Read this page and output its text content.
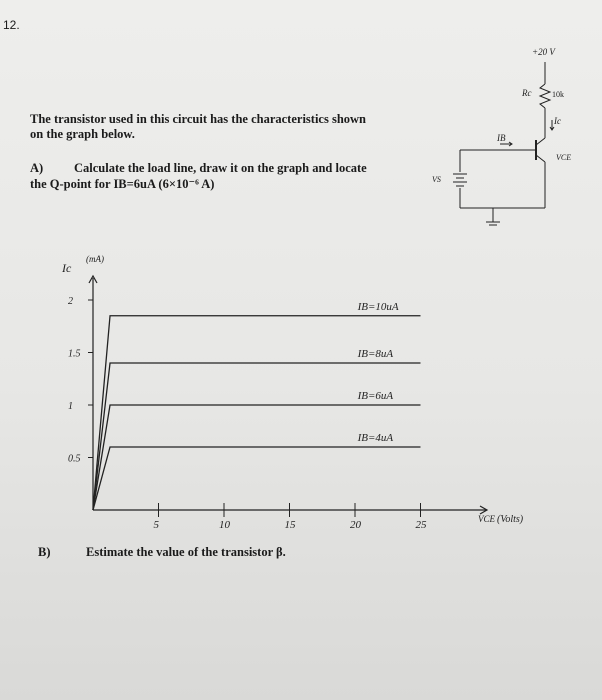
12.
The transistor used in this circuit has the characteristics shown
on the graph below.
A) Calculate the load line, draw it on the graph and locate
the Q-point for IB=6uA (6×10⁻⁶ A)
+20 V
Rc	10k
Ic
IB
VCE
VS
IB=10uA
IB=8uA
IB=6uA
IB=4uA
5	10	15	20	25
0.5
1
1.5
2
Ic
(mA)
VCE (Volts)
B)	Estimate the value of the transistor β.
